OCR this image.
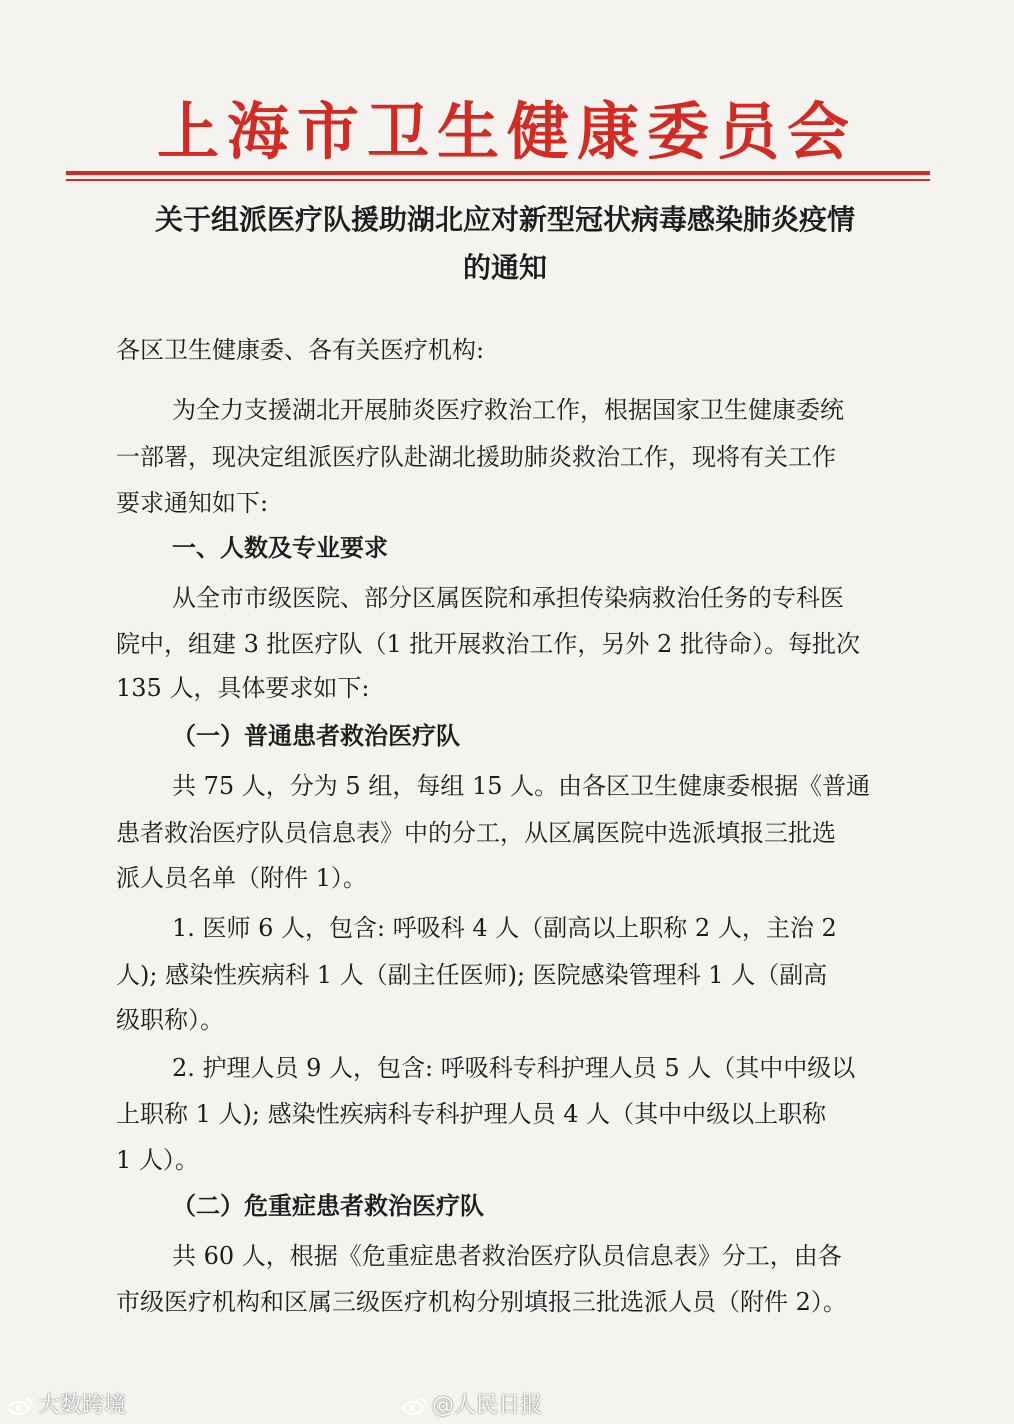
上海市卫生健康委员会
关于组派医疗队援助湖北应对新型冠状病毒感染肺炎疫情
的通知
各区卫生健康委、各有关医疗机构:
为全力支援湖北开展肺炎医疗救治工作，根据国家卫生健康委统
一部署，现决定组派医疗队赴湖北援助肺炎救治工作，现将有关工作
要求通知如下:
一、人数及专业要求
从全市市级医院、部分区属医院和承担传染病救治任务的专科医
院中，组建 3 批医疗队（1 批开展救治工作，另外 2 批待命）。每批次
135 人，具体要求如下:
（一）普通患者救治医疗队
共 75 人，分为 5 组，每组 15 人。由各区卫生健康委根据《普通
患者救治医疗队员信息表》中的分工，从区属医院中选派填报三批选
派人员名单（附件 1）。
1. 医师 6 人，包含: 呼吸科 4 人（副高以上职称 2 人，主治 2
人); 感染性疾病科 1 人（副主任医师); 医院感染管理科 1 人（副高
级职称）。
2. 护理人员 9 人，包含: 呼吸科专科护理人员 5 人（其中中级以
上职称 1 人); 感染性疾病科专科护理人员 4 人（其中中级以上职称
1 人）。
（二）危重症患者救治医疗队
共 60 人，根据《危重症患者救治医疗队员信息表》分工，由各
市级医疗机构和区属三级医疗机构分别填报三批选派人员（附件 2）。
大数跨境	@人民日报
